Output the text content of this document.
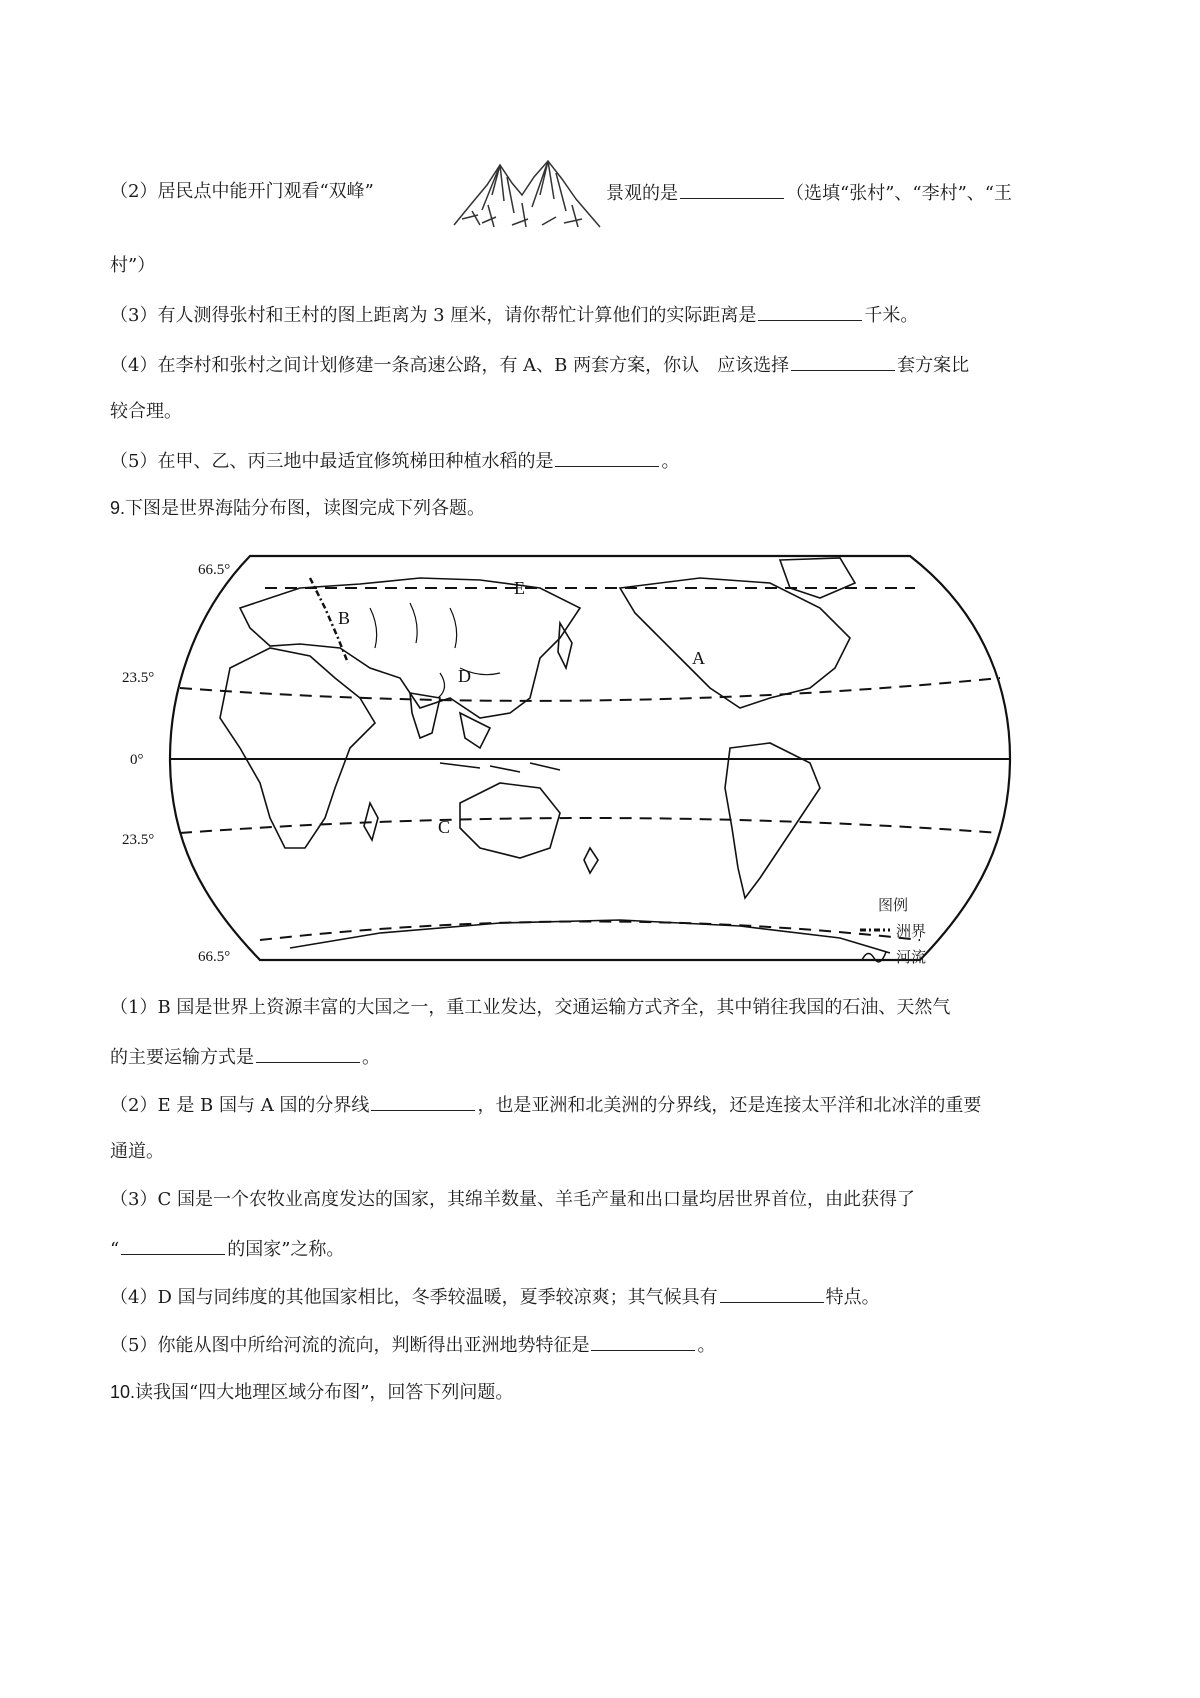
（2）居民点中能开门观看“双峰”	景观的是	（选填“张村”、“李村”、“王
村”）
（3）有人测得张村和王村的图上距离为 3 厘米，请你帮忙计算他们的实际距离是	千米。
（4）在李村和张村之间计划修建一条高速公路，有 A、B 两套方案，你认　应该选择	套方案比
较合理。
（5）在甲、乙、丙三地中最适宜修筑梯田种植水稻的是	。
9.下图是世界海陆分布图，读图完成下列各题。
66.5°
23.5°
0°
23.5°
66.5°
A
B
C
D
E
图例
洲界
河流
（1）B 国是世界上资源丰富的大国之一，重工业发达，交通运输方式齐全，其中销往我国的石油、天然气
的主要运输方式是	。
（2）E 是 B 国与 A 国的分界线	，也是亚洲和北美洲的分界线，还是连接太平洋和北冰洋的重要
通道。
（3）C 国是一个农牧业高度发达的国家，其绵羊数量、羊毛产量和出口量均居世界首位，由此获得了
“	的国家”之称。
（4）D 国与同纬度的其他国家相比，冬季较温暖，夏季较凉爽；其气候具有	特点。
（5）你能从图中所给河流的流向，判断得出亚洲地势特征是	。
10.读我国“四大地理区域分布图”，回答下列问题。
